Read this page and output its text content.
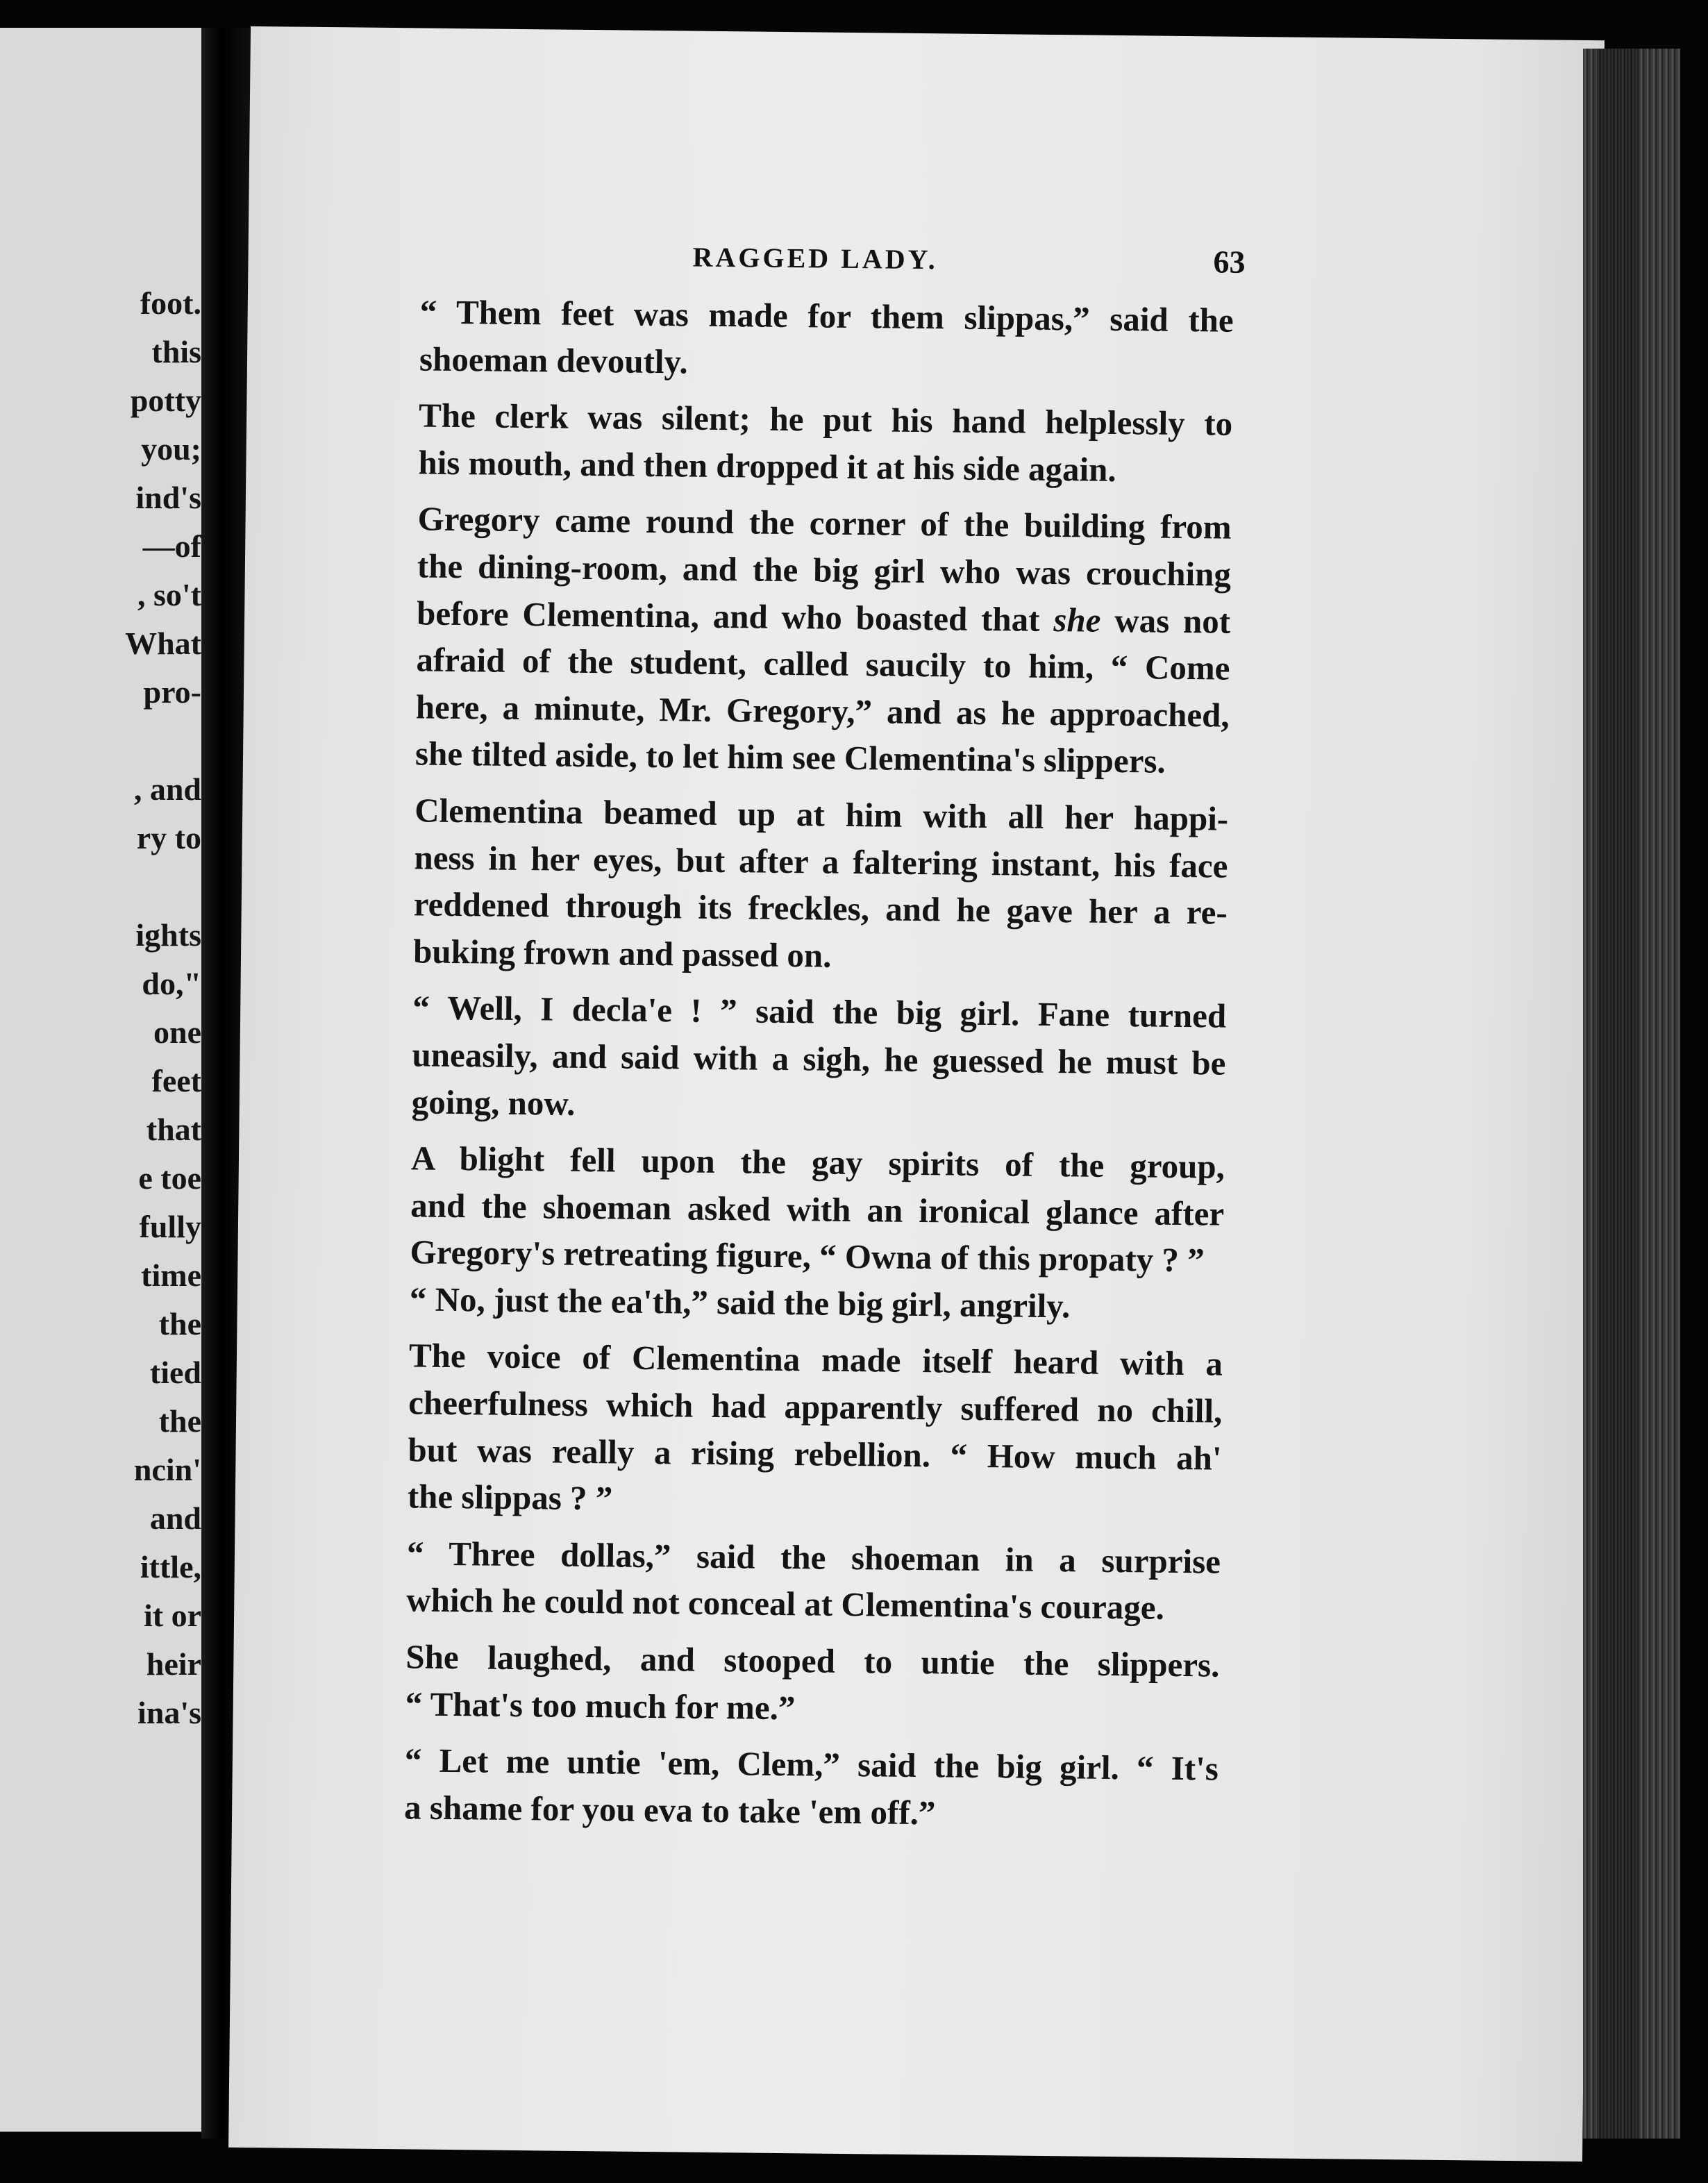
foot.
this
potty
you;
ind's
—of
, so't
What
pro-
, and
ry to
ights
do,"
one
feet
that
e toe
fully
time
the
tied
the
ncin'
and
ittle,
it or
heir
ina's
RAGGED LADY.	63

“ Them feet was made for them slippas,” said the
shoeman devoutly.

The clerk was silent; he put his hand helplessly to
his mouth, and then dropped it at his side again.

Gregory came round the corner of the building from
the dining-room, and the big girl who was crouching
before Clementina, and who boasted that she was not
afraid of the student, called saucily to him, “ Come
here, a minute, Mr. Gregory,” and as he approached,
she tilted aside, to let him see Clementina's slippers.

Clementina beamed up at him with all her happi-
ness in her eyes, but after a faltering instant, his face
reddened through its freckles, and he gave her a re-
buking frown and passed on.

“ Well, I decla'e ! ” said the big girl. Fane turned
uneasily, and said with a sigh, he guessed he must be
going, now.

A blight fell upon the gay spirits of the group,
and the shoeman asked with an ironical glance after
Gregory's retreating figure, “ Owna of this propaty ? ”

“ No, just the ea'th,” said the big girl, angrily.

The voice of Clementina made itself heard with a
cheerfulness which had apparently suffered no chill,
but was really a rising rebellion. “ How much ah'
the slippas ? ”

“ Three dollas,” said the shoeman in a surprise
which he could not conceal at Clementina's courage.

She laughed, and stooped to untie the slippers.
“ That's too much for me.”

“ Let me untie 'em, Clem,” said the big girl. “ It's
a shame for you eva to take 'em off.”
